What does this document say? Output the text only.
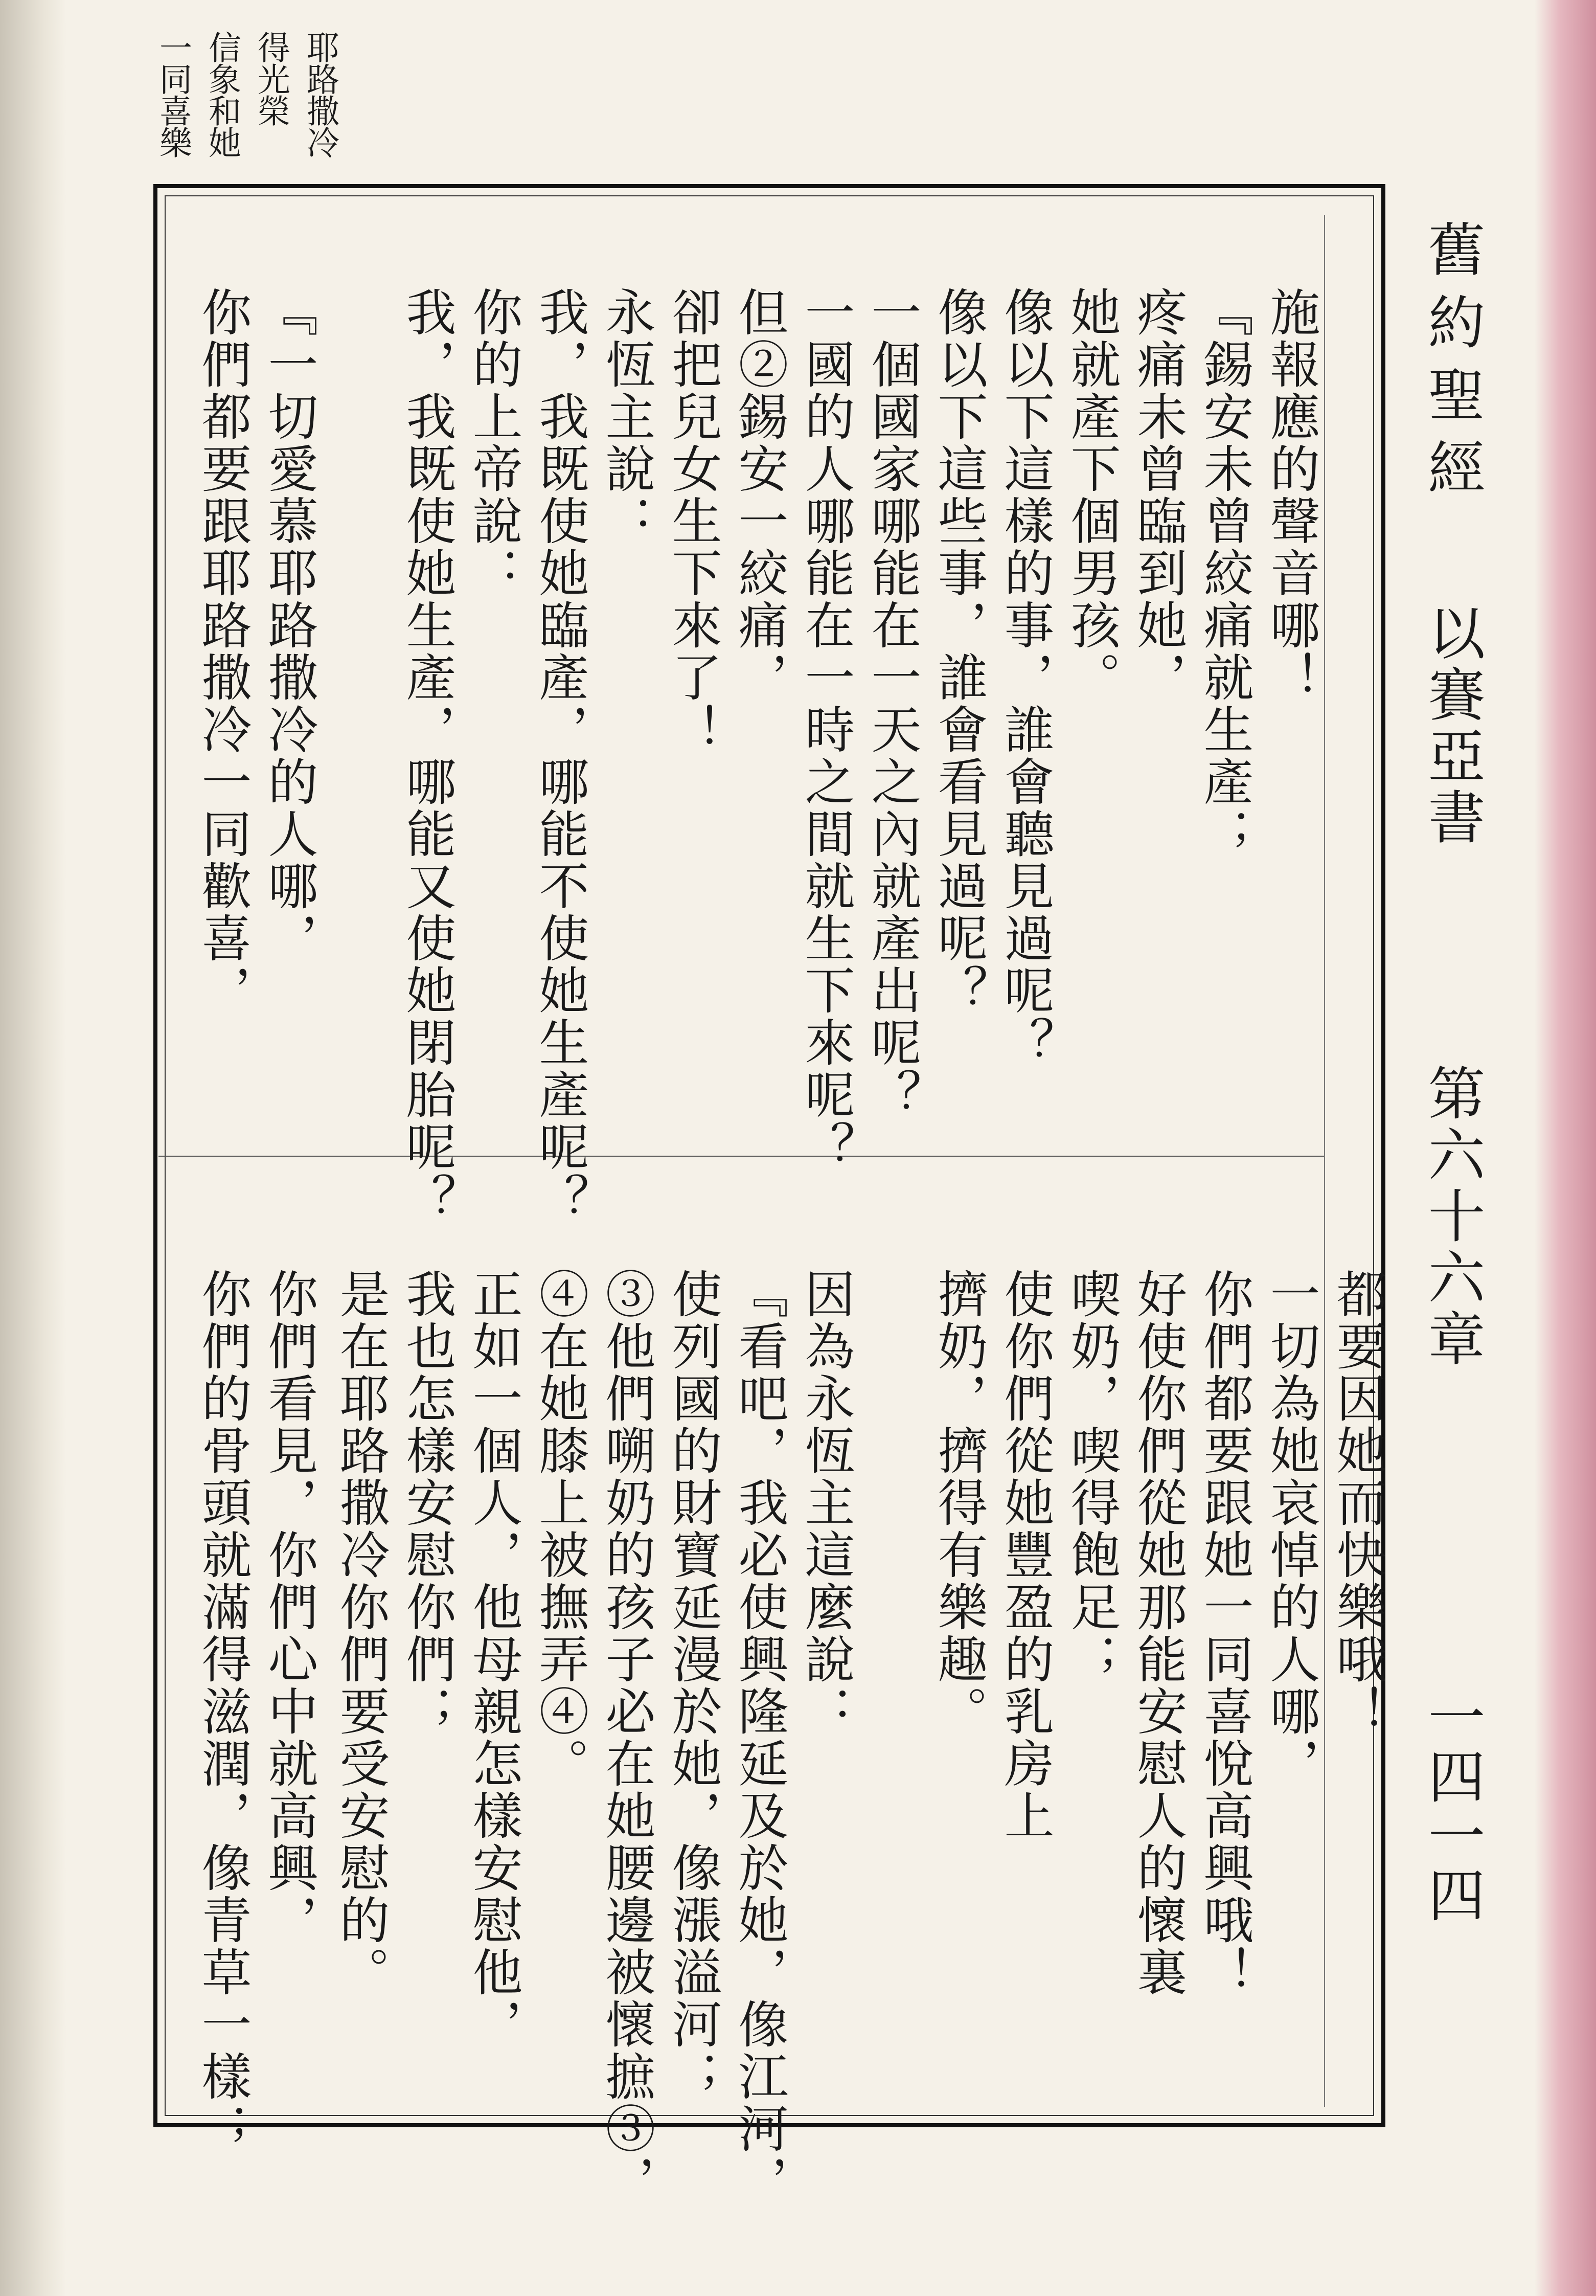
耶路撒冷
得光榮
信象和她
一同喜樂
舊約聖經
以賽亞書
第六十六章
一四一四
施報應的聲音哪！
『錫安未曾絞痛就生產；
疼痛未曾臨到她，
她就產下個男孩。
像以下這樣的事，誰會聽見過呢？
像以下這些事，誰會看見過呢？
一個國家哪能在一天之內就產出呢？
一國的人哪能在一時之間就生下來呢？
但②錫安一絞痛，
卻把兒女生下來了！
永恆主說：
我，我既使她臨產，哪能不使她生產呢？
你的上帝說：
我，我既使她生產，哪能又使她閉胎呢？
『一切愛慕耶路撒冷的人哪，
你們都要跟耶路撒冷一同歡喜，
都要因她而快樂哦！
一切為她哀悼的人哪，
你們都要跟她一同喜悅高興哦！
好使你們從她那能安慰人的懷裏
喫奶，喫得飽足；
使你們從她豐盈的乳房上
擠奶，擠得有樂趣。
因為永恆主這麼說：
『看吧，我必使興隆延及於她，像江河，
使列國的財寶延漫於她，像漲溢河；
③他們嗍奶的孩子必在她腰邊被懷摭③，
④在她膝上被撫弄④。
正如一個人，他母親怎樣安慰他，
我也怎樣安慰你們；
是在耶路撒冷你們要受安慰的。
你們看見，你們心中就高興，
你們的骨頭就滿得滋潤，像青草一樣；
